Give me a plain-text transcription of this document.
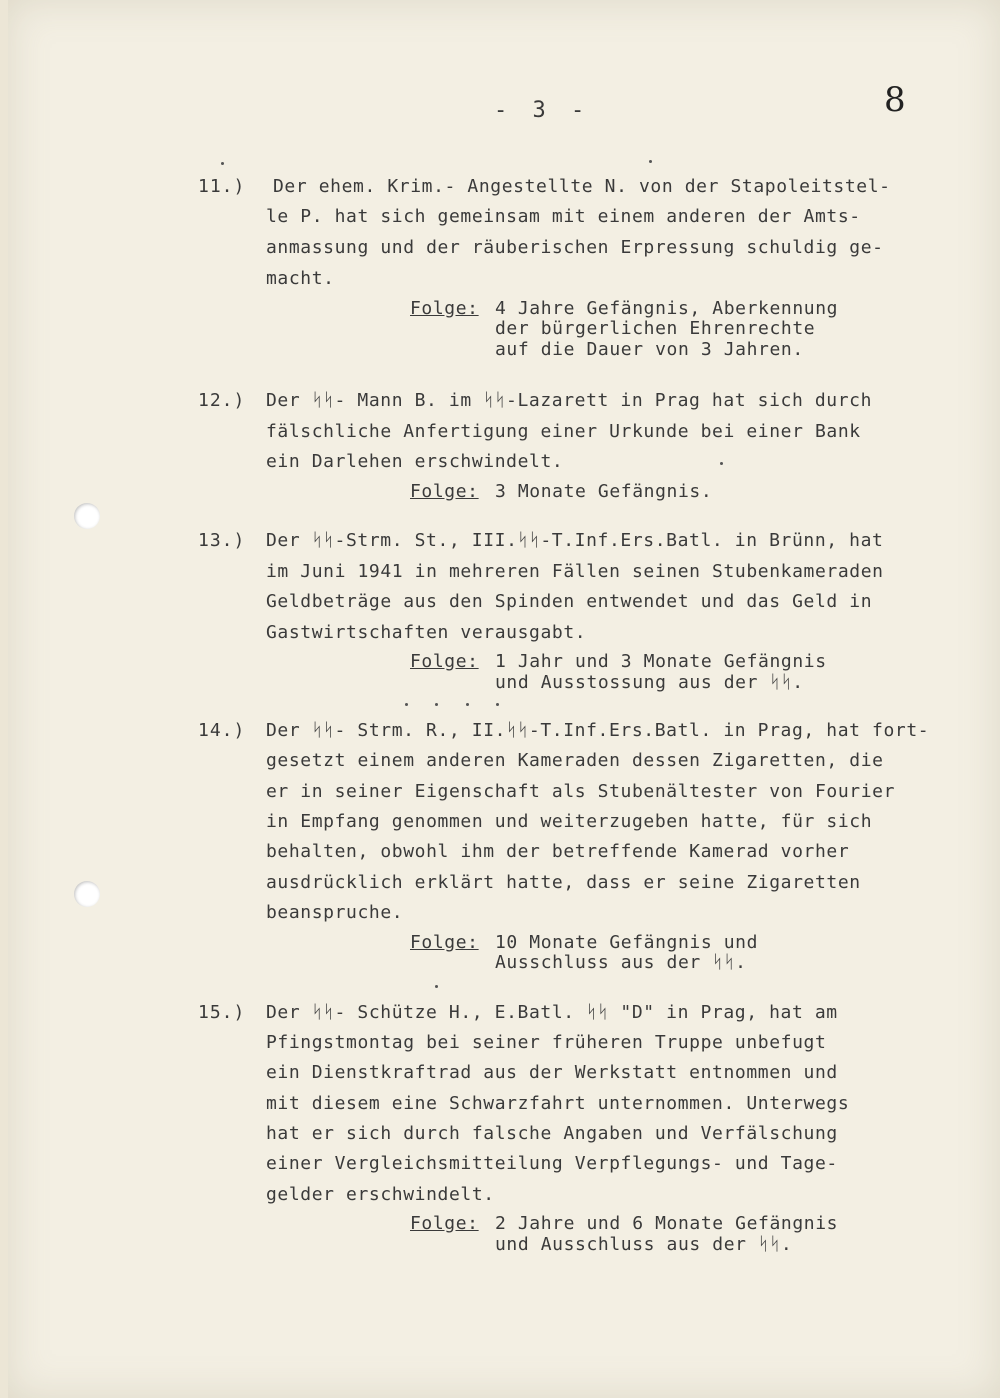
- 3 -	8
11.) Der ehem. Krim.- Angestellte N. von der Stapoleitstel-
le P. hat sich gemeinsam mit einem anderen der Amts-
anmassung und der räuberischen Erpressung schuldig ge-
macht.
Folge: 4 Jahre Gefängnis, Aberkennung
der bürgerlichen Ehrenrechte
auf die Dauer von 3 Jahren.
12.) Der ᛋᛋ- Mann B. im ᛋᛋ-Lazarett in Prag hat sich durch
fälschliche Anfertigung einer Urkunde bei einer Bank
ein Darlehen erschwindelt.
Folge: 3 Monate Gefängnis.
13.) Der ᛋᛋ-Strm. St., III.ᛋᛋ-T.Inf.Ers.Batl. in Brünn, hat
im Juni 1941 in mehreren Fällen seinen Stubenkameraden
Geldbeträge aus den Spinden entwendet und das Geld in
Gastwirtschaften verausgabt.
Folge: 1 Jahr und 3 Monate Gefängnis
und Ausstossung aus der ᛋᛋ.
14.) Der ᛋᛋ- Strm. R., II.ᛋᛋ-T.Inf.Ers.Batl. in Prag, hat fort-
gesetzt einem anderen Kameraden dessen Zigaretten, die
er in seiner Eigenschaft als Stubenältester von Fourier
in Empfang genommen und weiterzugeben hatte, für sich
behalten, obwohl ihm der betreffende Kamerad vorher
ausdrücklich erklärt hatte, dass er seine Zigaretten
beanspruche.
Folge: 10 Monate Gefängnis und
Ausschluss aus der ᛋᛋ.
15.) Der ᛋᛋ- Schütze H., E.Batl. ᛋᛋ "D" in Prag, hat am
Pfingstmontag bei seiner früheren Truppe unbefugt
ein Dienstkraftrad aus der Werkstatt entnommen und
mit diesem eine Schwarzfahrt unternommen. Unterwegs
hat er sich durch falsche Angaben und Verfälschung
einer Vergleichsmitteilung Verpflegungs- und Tage-
gelder erschwindelt.
Folge: 2 Jahre und 6 Monate Gefängnis
und Ausschluss aus der ᛋᛋ.
